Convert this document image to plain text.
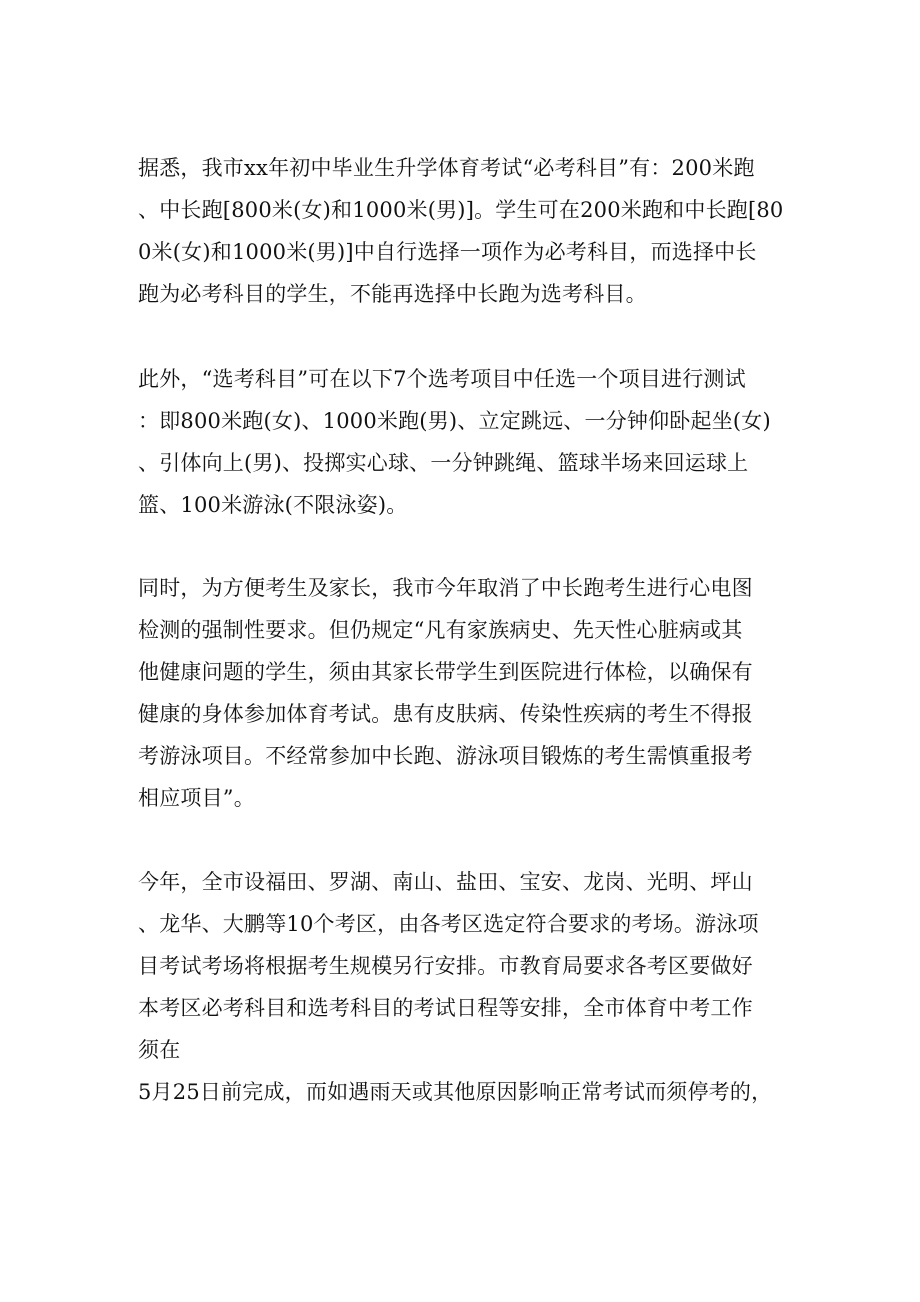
据悉，我市xx年初中毕业生升学体育考试“必考科目”有：200米跑
、中长跑[800米(女)和1000米(男)]。学生可在200米跑和中长跑[80
0米(女)和1000米(男)]中自行选择一项作为必考科目，而选择中长
跑为必考科目的学生，不能再选择中长跑为选考科目。
此外，“选考科目”可在以下7个选考项目中任选一个项目进行测试
：即800米跑(女)、1000米跑(男)、立定跳远、一分钟仰卧起坐(女)
、引体向上(男)、投掷实心球、一分钟跳绳、篮球半场来回运球上
篮、100米游泳(不限泳姿)。
同时，为方便考生及家长，我市今年取消了中长跑考生进行心电图
检测的强制性要求。但仍规定“凡有家族病史、先天性心脏病或其
他健康问题的学生，须由其家长带学生到医院进行体检，以确保有
健康的身体参加体育考试。患有皮肤病、传染性疾病的考生不得报
考游泳项目。不经常参加中长跑、游泳项目锻炼的考生需慎重报考
相应项目”。
今年，全市设福田、罗湖、南山、盐田、宝安、龙岗、光明、坪山
、龙华、大鹏等10个考区，由各考区选定符合要求的考场。游泳项
目考试考场将根据考生规模另行安排。市教育局要求各考区要做好
本考区必考科目和选考科目的考试日程等安排，全市体育中考工作
须在
5月25日前完成，而如遇雨天或其他原因影响正常考试而须停考的，
